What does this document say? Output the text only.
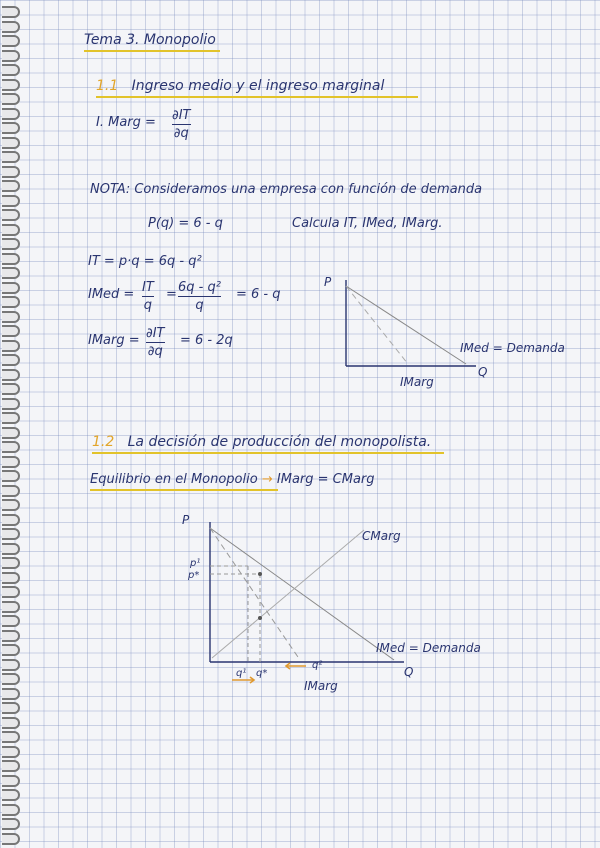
Tema 3. Monopolio
1.1 Ingreso medio y el ingreso marginal
I. Marg = ∂IT
∂q
NOTA: Consideramos una empresa con función de demanda
P(q) = 6 - q	Calcula IT, IMed, IMarg.
IT = p·q = 6q - q²
IMed = IT
q
= 6q - q²
q
= 6 - q
IMarg = ∂IT
∂q
= 6 - 2q
P
Q
IMed = Demanda
IMarg
1.2 La decisión de producción del monopolista.
Equilibrio en el Monopolio → IMarg = CMarg
P
Q
CMarg
IMed = Demanda
IMarg
p¹
p*
q¹ q*
q²
